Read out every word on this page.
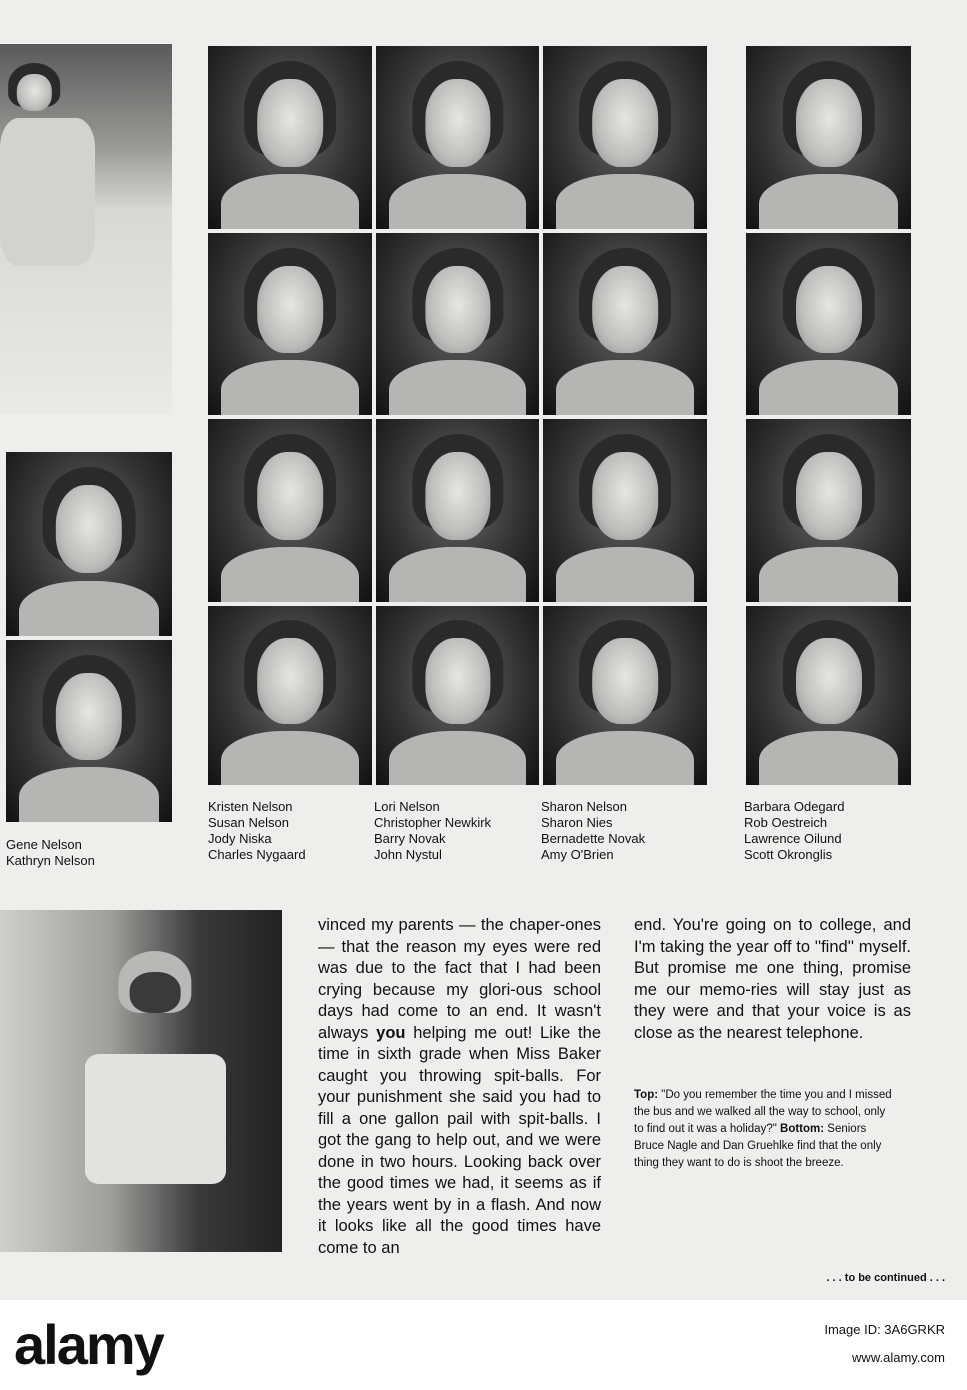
Gene Nelson
Kathryn Nelson
Kristen Nelson
Susan Nelson
Jody Niska
Charles Nygaard
Lori Nelson
Christopher Newkirk
Barry Novak
John Nystul
Sharon Nelson
Sharon Nies
Bernadette Novak
Amy O'Brien
Barbara Odegard
Rob Oestreich
Lawrence Oilund
Scott Okronglis

vinced my parents — the chaper-ones — that the reason my eyes were red was due to the fact that I had been crying because my glori-ous school days had come to an end. It wasn't always you helping me out! Like the time in sixth grade when Miss Baker caught you throwing spit-balls. For your punishment she said you had to fill a one gallon pail with spit-balls. I got the gang to help out, and we were done in two hours. Looking back over the good times we had, it seems as if the years went by in a flash. And now it looks like all the good times have come to an

end. You're going on to college, and I'm taking the year off to ''find'' myself. But promise me one thing, promise me our memo-ries will stay just as they were and that your voice is as close as the nearest telephone.

Top: "Do you remember the time you and I missed the bus and we walked all the way to school, only to find out it was a holiday?" Bottom: Seniors Bruce Nagle and Dan Gruehlke find that the only thing they want to do is shoot the breeze.
. . . to be continued . . .
alamy	Image ID: 3A6GRKR
www.alamy.com
